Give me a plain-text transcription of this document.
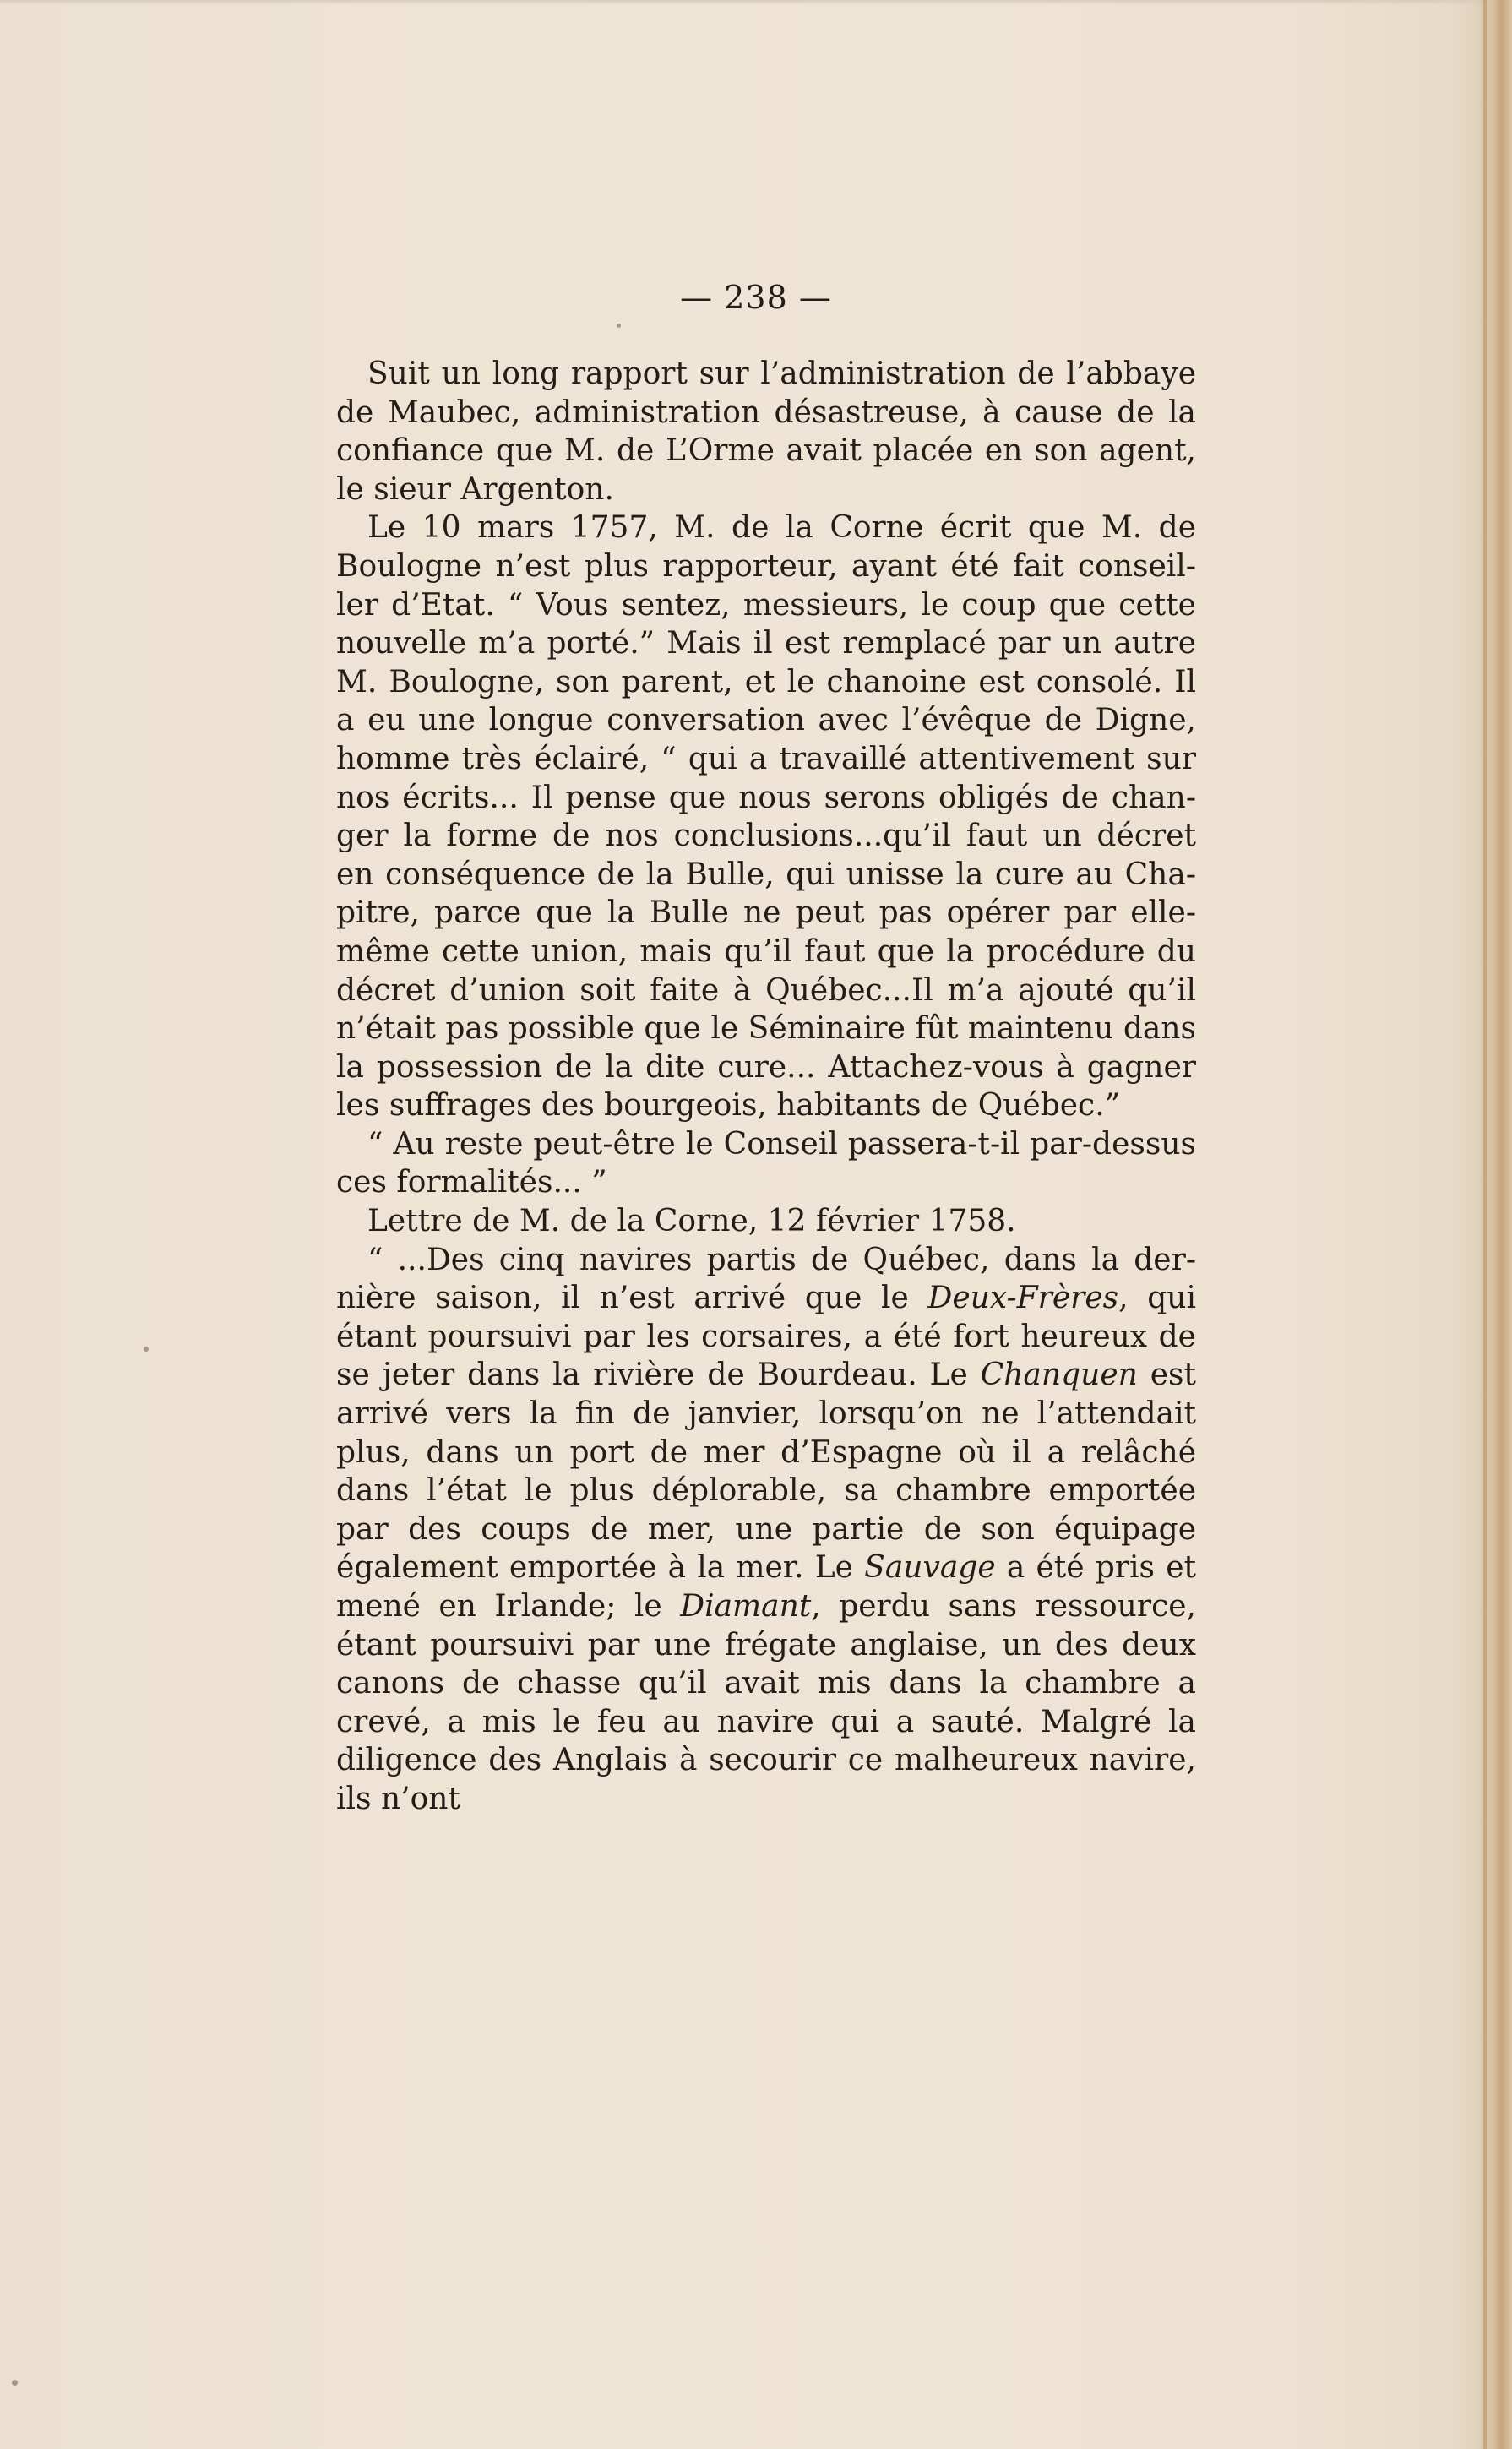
— 238 —

Suit un long rapport sur l’administration de l’abbaye de Maubec, administration désastreuse, à cause de la confiance que M. de L’Orme avait placée en son agent, le sieur Argenton.

Le 10 mars 1757, M. de la Corne écrit que M. de Boulogne n’est plus rapporteur, ayant été fait conseiller d’Etat. “ Vous sentez, messieurs, le coup que cette nouvelle m’a porté.” Mais il est remplacé par un autre M. Boulogne, son parent, et le chanoine est consolé. Il a eu une longue conversation avec l’évêque de Digne, homme très éclairé, “ qui a travaillé attentivement sur nos écrits... Il pense que nous serons obligés de changer la forme de nos conclusions...qu’il faut un décret en conséquence de la Bulle, qui unisse la cure au Chapitre, parce que la Bulle ne peut pas opérer par elle-même cette union, mais qu’il faut que la procédure du décret d’union soit faite à Québec...Il m’a ajouté qu’il n’était pas possible que le Séminaire fût maintenu dans la possession de la dite cure... Attachez-vous à gagner les suffrages des bourgeois, habitants de Québec.”

“ Au reste peut-être le Conseil passera-t-il par-dessus ces formalités... ”

Lettre de M. de la Corne, 12 février 1758.

“ ...Des cinq navires partis de Québec, dans la dernière saison, il n’est arrivé que le Deux-Frères, qui étant poursuivi par les corsaires, a été fort heureux de se jeter dans la rivière de Bourdeau. Le Chanquen est arrivé vers la fin de janvier, lorsqu’on ne l’attendait plus, dans un port de mer d’Espagne où il a relâché dans l’état le plus déplorable, sa chambre emportée par des coups de mer, une partie de son équipage également emportée à la mer. Le Sauvage a été pris et mené en Irlande; le Diamant, perdu sans ressource, étant poursuivi par une frégate anglaise, un des deux canons de chasse qu’il avait mis dans la chambre a crevé, a mis le feu au navire qui a sauté. Malgré la diligence des Anglais à secourir ce malheureux navire, ils n’ont
